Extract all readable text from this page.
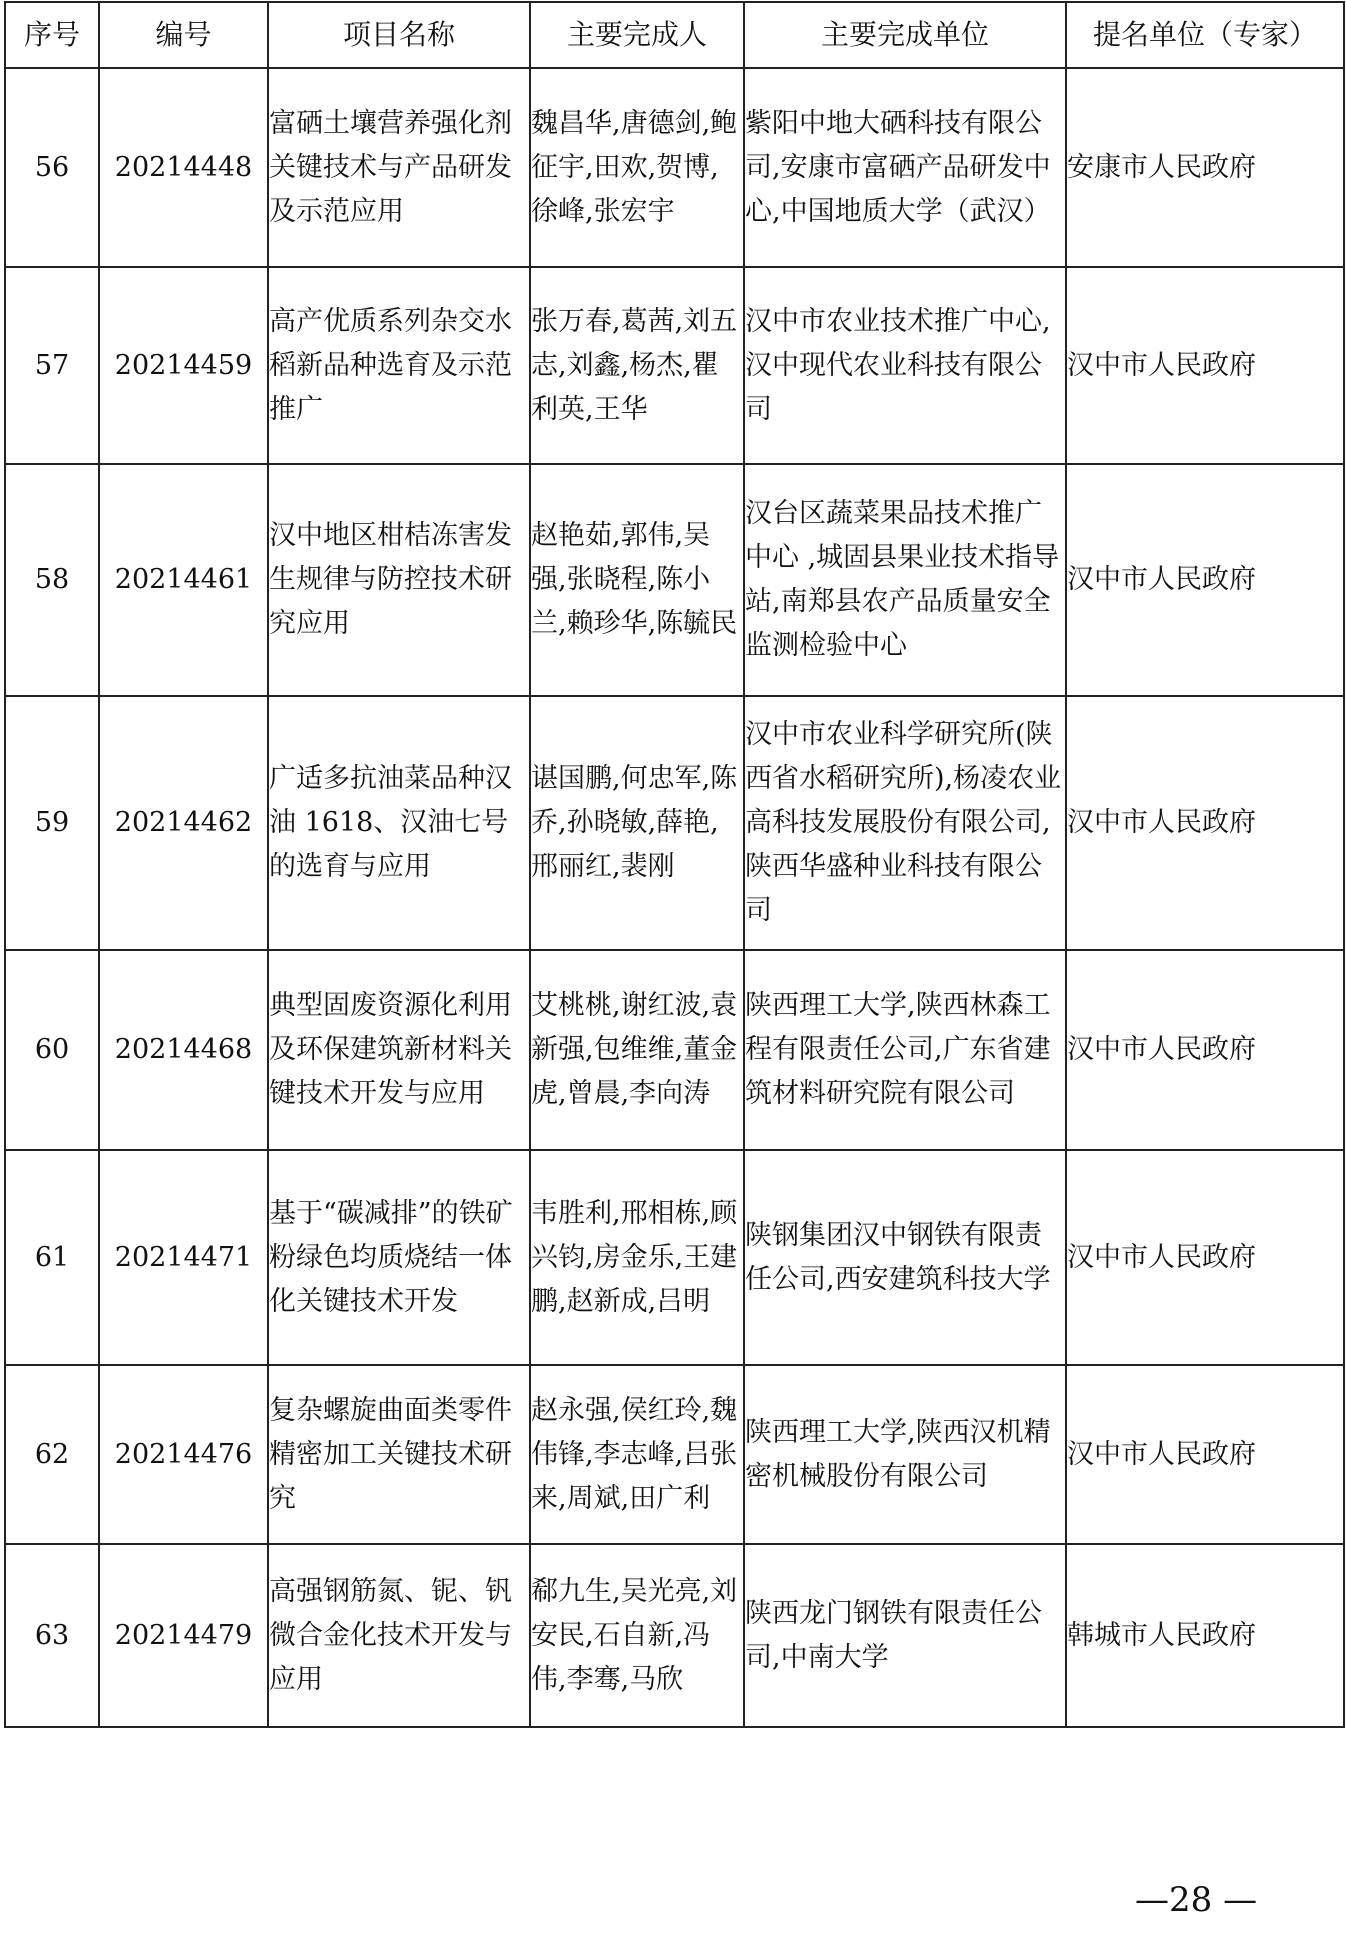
序号	编号	项目名称	主要完成人	主要完成单位	提名单位（专家）
56	20214448	富硒土壤营养强化剂关键技术与产品研发及示范应用	魏昌华,唐德剑,鲍征宇,田欢,贺博,徐峰,张宏宇	紫阳中地大硒科技有限公司,安康市富硒产品研发中心,中国地质大学（武汉）	安康市人民政府
57	20214459	高产优质系列杂交水稻新品种选育及示范推广	张万春,葛茜,刘五志,刘鑫,杨杰,瞿利英,王华	汉中市农业技术推广中心,汉中现代农业科技有限公司	汉中市人民政府
58	20214461	汉中地区柑桔冻害发生规律与防控技术研究应用	赵艳茹,郭伟,吴强,张晓程,陈小兰,赖珍华,陈毓民	汉台区蔬菜果品技术推广中心 ,城固县果业技术指导站,南郑县农产品质量安全监测检验中心	汉中市人民政府
59	20214462	广适多抗油菜品种汉油 1618、汉油七号的选育与应用	谌国鹏,何忠军,陈乔,孙晓敏,薛艳,邢丽红,裴刚	汉中市农业科学研究所(陕西省水稻研究所),杨凌农业高科技发展股份有限公司,陕西华盛种业科技有限公司	汉中市人民政府
60	20214468	典型固废资源化利用及环保建筑新材料关键技术开发与应用	艾桃桃,谢红波,袁新强,包维维,董金虎,曾晨,李向涛	陕西理工大学,陕西林森工程有限责任公司,广东省建筑材料研究院有限公司	汉中市人民政府
61	20214471	基于“碳减排”的铁矿粉绿色均质烧结一体化关键技术开发	韦胜利,邢相栋,顾兴钧,房金乐,王建鹏,赵新成,吕明	陕钢集团汉中钢铁有限责任公司,西安建筑科技大学	汉中市人民政府
62	20214476	复杂螺旋曲面类零件精密加工关键技术研究	赵永强,侯红玲,魏伟锋,李志峰,吕张来,周斌,田广利	陕西理工大学,陕西汉机精密机械股份有限公司	汉中市人民政府
63	20214479	高强钢筋氮、铌、钒微合金化技术开发与应用	郗九生,吴光亮,刘安民,石自新,冯伟,李骞,马欣	陕西龙门钢铁有限责任公司,中南大学	韩城市人民政府
—28 —
